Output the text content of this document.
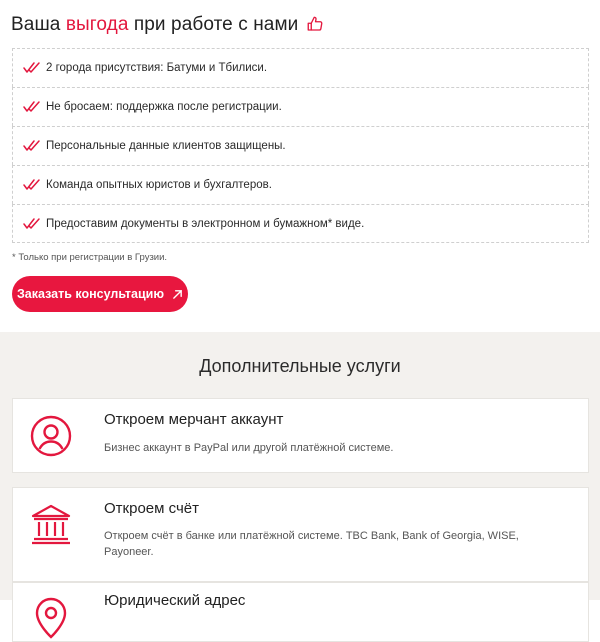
Ваша выгода при работе с нами
2 города присутствия: Батуми и Тбилиси.
Не бросаем: поддержка после регистрации.
Персональные данные клиентов защищены.
Команда опытных юристов и бухгалтеров.
Предоставим документы в электронном и бумажном* виде.
* Только при регистрации в Грузии.
Заказать консультацию
Дополнительные услуги
Откроем мерчант аккаунт
Бизнес аккаунт в PayPal или другой платёжной системе.
Откроем счёт
Откроем счёт в банке или платёжной системе. TBC Bank, Bank of Georgia, WISE, Payoneer.
Юридический адрес
